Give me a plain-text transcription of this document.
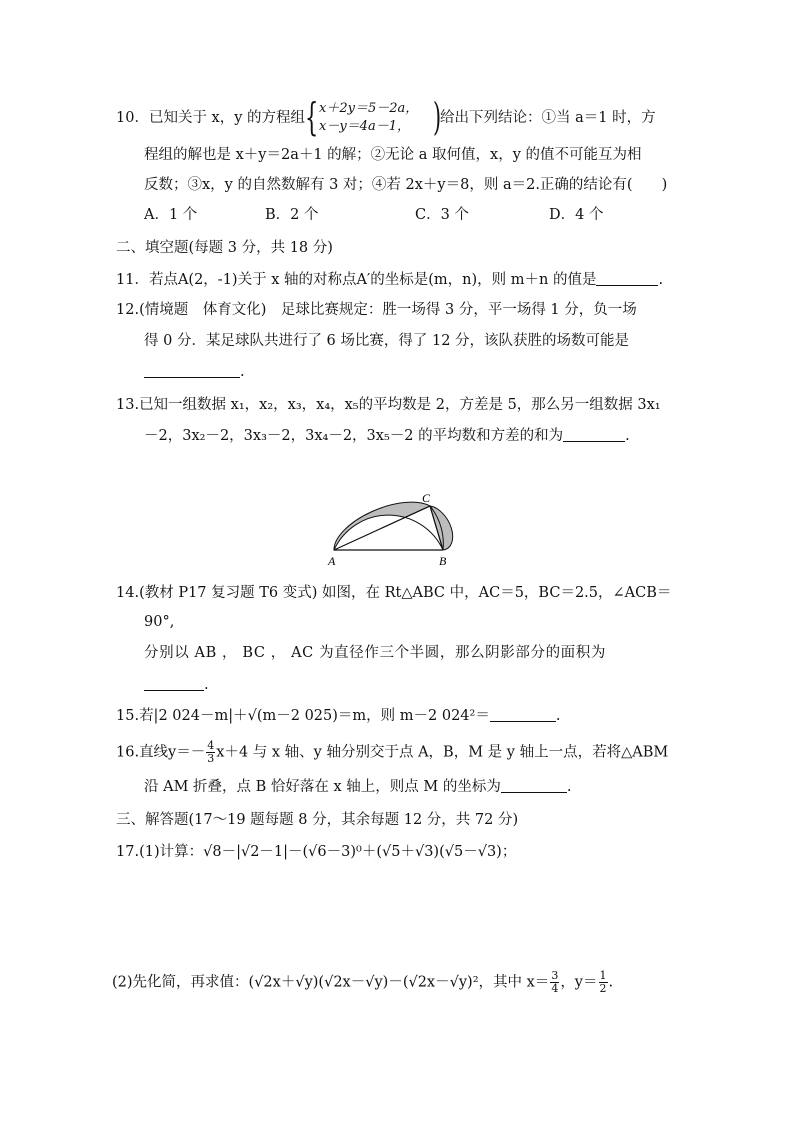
10．已知关于 x，y 的方程组 { x＋2y＝5－2a，
x－y＝4a－1， )
给出下列结论：①当 a＝1 时，方
程组的解也是 x＋y＝2a＋1 的解；②无论 a 取何值，x，y 的值不可能互为相
反数；③x，y 的自然数解有 3 对；④若 2x＋y＝8，则 a＝2.正确的结论有(　　)
A．1 个	B．2 个	C．3 个	D．4 个
二、填空题(每题 3 分，共 18 分)
11．若点A(2，-1)关于 x 轴的对称点A′的坐标是(m，n)，则 m＋n 的值是	.
12.(情境题　体育文化)　足球比赛规定：胜一场得 3 分，平一场得 1 分，负一场
得 0 分．某足球队共进行了 6 场比赛，得了 12 分，该队获胜的场数可能是
.
13.已知一组数据 x₁，x₂，x₃，x₄，x₅的平均数是 2，方差是 5，那么另一组数据 3x₁
－2，3x₂－2，3x₃－2，3x₄－2，3x₅－2 的平均数和方差的和为	.
A	B
C
14.(教材 P17 复习题 T6 变式) 如图，在 Rt△ABC 中，AC＝5，BC＝2.5，∠ACB＝
90°,
分别以 AB ， BC ， AC 为直径作三个半圆，那么阴影部分的面积为
.
15.若|2 024－m|＋√(m－2 025)＝m，则 m－2 024²＝	.
16.直线$y=- \frac{4}{3} x+4$ 与 x 轴、y 轴分别交于点 A，B，M 是 y 轴上一点，若将△ABM
沿 AM 折叠，点 B 恰好落在 x 轴上，则点 M 的坐标为	.
三、解答题(17～19 题每题 8 分，其余每题 12 分，共 72 分)
17.(1)计算：√8－|√2－1|－(√6－3)⁰＋(√5＋√3)(√5－√3)；
(2)先化简，再求值：(√2x＋√y)(√2x－√y)－(√2x－√y)²，其中 $x= \frac{3}{4}$ ，$y= \frac{1}{2}$ .
